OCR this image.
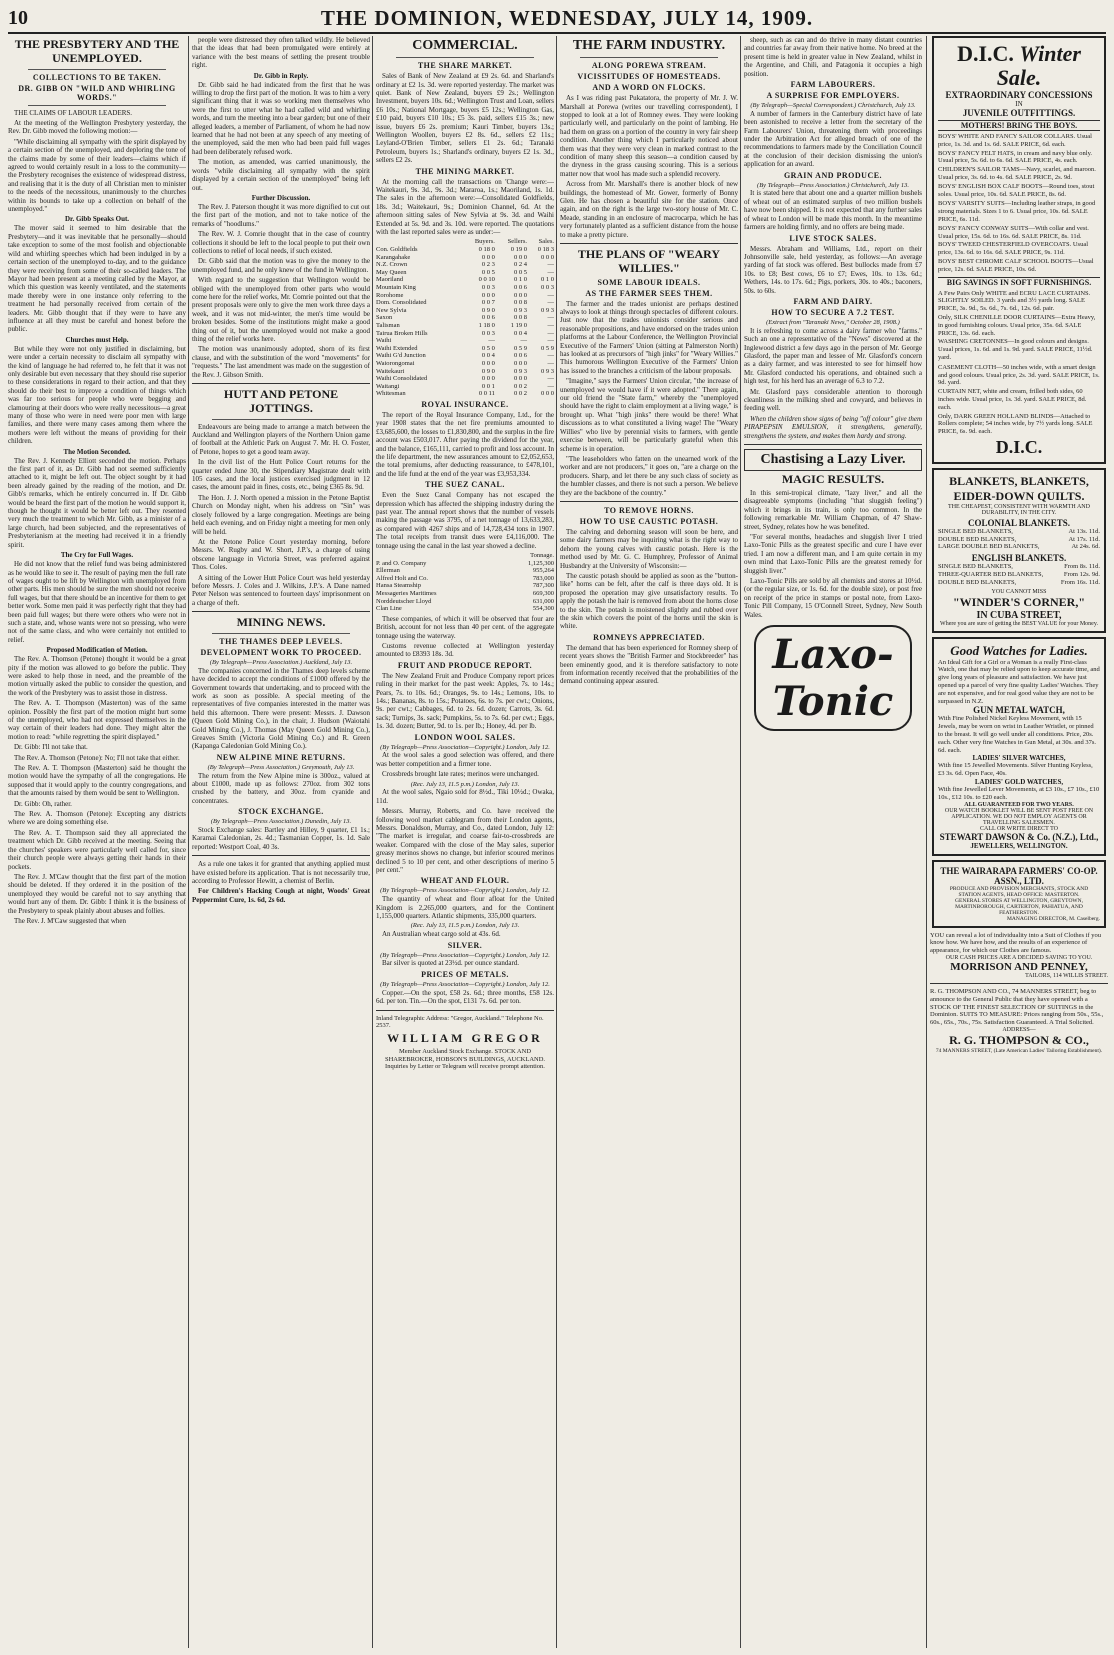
10	THE DOMINION, WEDNESDAY, JULY 14, 1909.
THE PRESBYTERY AND THE UNEMPLOYED.
COLLECTIONS TO BE TAKEN.
DR. GIBB ON "WILD AND WHIRLING WORDS."

THE CLAIMS OF LABOUR LEADERS.

At the meeting of the Wellington Presbytery yesterday, the Rev. Dr. Gibb moved the following motion:—

"While disclaiming all sympathy with the spirit displayed by a certain section of the unemployed, and deploring the tone of the claims made by some of their leaders—claims which if agreed to would certainly result in a loss to the community—the Presbytery recognises the existence of widespread distress, and realising that it is the duty of all Christian men to minister to the needs of the necessitous, unanimously to the churches within its bounds to take up a collection on behalf of the unemployed."

Dr. Gibb Speaks Out.

The mover said it seemed to him desirable that the Presbytery—and it was inevitable that he personally—should take exception to some of the most foolish and objectionable wild and whirling speeches which had been indulged in by a certain section of the unemployed to-day, and to the guidance they were receiving from some of their so-called leaders. The Mayor had been present at a meeting called by the Mayor, at which this question was keenly ventilated, and the statements made thereby were in one instance only referring to the treatment he had personally received from certain of the leaders. Mr. Gibb thought that if they were to have any influence at all they must be careful and honest before the public.

Churches must Help.

But while they were not only justified in disclaiming, but were under a certain necessity to disclaim all sympathy with the kind of language he had referred to, he felt that it was not only desirable but even necessary that they should rise superior to these considerations in regard to their action, and that they should do their best to improve a condition of things which was far too serious for people who were begging and clamouring at their doors who were really necessitous—a great many of those who were in need were poor men with large families, and there were many cases among them where the mothers were left without the means of providing for their children.

The Motion Seconded.

The Rev. J. Kennedy Elliott seconded the motion. Perhaps the first part of it, as Dr. Gibb had not seemed sufficiently attached to it, might be left out. The object sought by it had been already gained by the reading of the motion, and Dr. Gibb's remarks, which he entirely concurred in. If Dr. Gibb would be heard the first part of the motion he would support it, though he thought it would be better left out. They resented very much the treatment to which Mr. Gibb, as a minister of a large church, had been subjected, and the representatives of Presbyterianism at the meeting had received it in a friendly spirit.

The Cry for Full Wages.

He did not know that the relief fund was being administered as he would like to see it. The result of paying men the full rate of wages ought to be lift by Wellington with unemployed from other parts. His men should be sure the men should not receive full wages, but that there should be an incentive for them to get better work. Some men paid it was perfectly right that they had been paid full wages; but there were others who were not in such a state, and, whose wants were not so pressing, who were not of the same class, and who were certainly not entitled to relief.

Proposed Modification of Motion.

The Rev. A. Thomson (Petone) thought it would be a great pity if the motion was allowed to go before the public. They were asked to help those in need, and the preamble of the motion virtually asked the public to consider the question, and the work of the Presbytery was to assist those in distress.

The Rev. A. T. Thompson (Masterton) was of the same opinion. Possibly the first part of the motion might hurt some of the unemployed, who had not expressed themselves in the way certain of their leaders had done. They might alter the motion to read: "while regretting the spirit displayed."

Dr. Gibb: I'll not take that.

The Rev. A. Thomson (Petone): No; I'll not take that either.

The Rev. A. T. Thompson (Masterton) said he thought the motion would have the sympathy of all the congregations. He supposed that it would apply to the country congregations, and that the amounts raised by them would be sent to Wellington.

Dr. Gibb: Oh, rather.

The Rev. A. Thomson (Petone): Excepting any districts where we are doing something else.

The Rev. A. T. Thompson said they all appreciated the treatment which Dr. Gibb received at the meeting. Seeing that the churches' speakers were particularly well called for, since their church people were always getting their hands in their pockets.

The Rev. J. M'Caw thought that the first part of the motion should be deleted. If they ordered it in the position of the unemployed they would be careful not to say anything that would hurt any of them. Dr. Gibb: I think it is the business of the Presbytery to speak plainly about abuses and follies.

The Rev. J. M'Caw suggested that when

people were distressed they often talked wildly. He believed that the ideas that had been promulgated were entirely at variance with the best means of settling the present trouble right.

Dr. Gibb in Reply.

Dr. Gibb said he had indicated from the first that he was willing to drop the first part of the motion. It was to him a very significant thing that it was so working men themselves who were the first to utter what he had called wild and whirling words, and turn the meeting into a bear garden; but one of their alleged leaders, a member of Parliament, of whom he had now learned that he had not been at any speech of any meeting of the unemployed, said the men who had been paid full wages had been deliberately refused work.

The motion, as amended, was carried unanimously, the words "while disclaiming all sympathy with the spirit displayed by a certain section of the unemployed" being left out.

Further Discussion.

The Rev. J. Paterson thought it was more dignified to cut out the first part of the motion, and not to take notice of the remarks of "hoodlums."

The Rev. W. J. Comrie thought that in the case of country collections it should be left to the local people to put their own collections to relief of local needs, if such existed.

Dr. Gibb said that the motion was to give the money to the unemployed fund, and he only knew of the fund in Wellington.

With regard to the suggestion that Wellington would be obliged with the unemployed from other parts who would come here for the relief works, Mr. Comrie pointed out that the present proposals were only to give the men work three days a week, and it was not mid-winter, the men's time would be broken besides. Some of the institutions might make a good thing out of it, but the unemployed would not make a good thing of the relief works here.

The motion was unanimously adopted, shorn of its first clause, and with the substitution of the word "movements" for "requests." The last amendment was made on the suggestion of the Rev. J. Gibson Smith.

HUTT AND PETONE JOTTINGS.

Endeavours are being made to arrange a match between the Auckland and Wellington players of the Northern Union game of football at the Athletic Park on August 7. Mr. H. O. Foster, of Petone, hopes to get a good team away.

In the civil list of the Hutt Police Court returns for the quarter ended June 30, the Stipendiary Magistrate dealt with 105 cases, and the local justices exercised judgment in 12 cases, the amount paid in fines, costs, etc., being £365 8s. 9d.

The Hon. J. J. North opened a mission in the Petone Baptist Church on Monday night, when his address on "Sin" was closely followed by a large congregation. Meetings are being held each evening, and on Friday night a meeting for men only will be held.

At the Petone Police Court yesterday morning, before Messrs. W. Rugby and W. Short, J.P.'s, a charge of using obscene language in Victoria Street, was preferred against Thos. Coles.

A sitting of the Lower Hutt Police Court was held yesterday before Messrs. J. Coles and J. Wilkins, J.P.'s. A Dane named Peter Nelson was sentenced to fourteen days' imprisonment on a charge of theft.

MINING NEWS.
THE THAMES DEEP LEVELS.
DEVELOPMENT WORK TO PROCEED.
(By Telegraph—Press Association.) Auckland, July 13.

The companies concerned in the Thames deep levels scheme have decided to accept the conditions of £1000 offered by the Government towards that undertaking, and to proceed with the work as soon as possible. A special meeting of the representatives of five companies interested in the matter was held this afternoon. There were present: Messrs. J. Dawson (Queen Gold Mining Co.), in the chair, J. Hudson (Waiotahi Gold Mining Co.), J. Thomas (May Queen Gold Mining Co.), Greaves Smith (Victoria Gold Mining Co.) and R. Green (Kapanga Caledonian Gold Mining Co.).

NEW ALPINE MINE RETURNS.
(By Telegraph—Press Association.) Greymouth, July 13.

The return from the New Alpine mine is 300oz., valued at about £1000, made up as follows: 270oz. from 302 tons crushed by the battery, and 30oz. from cyanide and concentrates.

STOCK EXCHANGE.
(By Telegraph—Press Association.) Dunedin, July 13.

Stock Exchange sales: Bartley and Hilley, 9 quarter, £1 1s.; Karamai Caledonian, 2s. 4d.; Tasmanian Copper, 1s. 1d. Sale reported: Westport Coal, 40 3s.

As a rule one takes it for granted that anything applied must have existed before its application. That is not necessarily true, according to Professor Hewitt, a chemist of Berlin.

For Children's Hacking Cough at night, Woods' Great Peppermint Cure, 1s. 6d, 2s 6d.

COMMERCIAL.
THE SHARE MARKET.

Sales of Bank of New Zealand at £9 2s. 6d. and Sharland's ordinary at £2 1s. 3d. were reported yesterday. The market was quiet. Bank of New Zealand, buyers £9 2s.; Wellington Investment, buyers 10s. 6d.; Wellington Trust and Loan, sellers £6 10s.; National Mortgage, buyers £5 12s.; Wellington Gas, £10 paid, buyers £10 10s.; £5 3s. paid, sellers £15 3s.; new issue, buyers £6 2s. premium; Kauri Timber, buyers 13s.; Wellington Woollen, buyers £2 8s. 6d., sellers £2 11s.; Leyland-O'Brien Timber, sellers £1 2s. 6d.; Taranaki Petroleum, buyers 1s.; Sharland's ordinary, buyers £2 1s. 3d., sellers £2 2s.

THE MINING MARKET.

At the morning call the transactions on 'Change were:—Waitekauri, 9s. 3d., 9s. 3d.; Mararoa, 1s.; Maoriland, 1s. 1d. The sales in the afternoon were:—Consolidated Goldfields, 18s. 3d.; Waitekauri, 9s.; Dominion Channel, 6d. At the afternoon sitting sales of New Sylvia at 9s. 3d. and Waihi Extended at 5s. 9d. and 3s. 10d. were reported. The quotations with the last reported sales were as under:—

	Buyers.	Sellers.	Sales.
Con. Goldfields	0 18 0	0 19 0	0 18 3
Karangahake	0 0 0	0 0 0	0 0 0
N.Z. Crown	0 2 3	0 2 4	—
May Queen	0 0 5	0 0 5	—
Maoriland	0 0 10	0 1 0	0 1 0
Mountain King	0 0 3	0 0 6	0 0 3
Rorohome	0 0 0	0 0 0	—
Dom. Consolidated	0 0 7	0 0 8	—
New Sylvia	0 9 0	0 9 3	0 9 3
Saxon	0 0 6	0 0 8	—
Talisman	1 18 0	1 19 0	—
Tairua Broken Hills	0 0 3	0 0 4	—
Waihi	—	—	—
Waihi Extended	0 5 0	0 5 9	0 5 9
Waihi G'd Junction	0 0 4	0 0 6	—
Waiorongomai	0 0 0	0 0 0	—
Waitekauri	0 9 0	0 9 3	0 9 3
Waihi Consolidated	0 0 0	0 0 0	—
Waitangi	0 0 1	0 0 2	—
Whitesman	0 0 11	0 0 2	0 0 0
ROYAL INSURANCE.

The report of the Royal Insurance Company, Ltd., for the year 1908 states that the net fire premiums amounted to £3,685,600, the losses to £1,830,800, and the surplus in the fire account was £503,017. After paying the dividend for the year, and the balance, £165,111, carried to profit and loss account. In the life department, the new assurances amount to £2,052,653, the total premiums, after deducting reassurance, to £478,101, and the life fund at the end of the year was £3,953,334.

THE SUEZ CANAL.

Even the Suez Canal Company has not escaped the depression which has affected the shipping industry during the past year. The annual report shows that the number of vessels making the passage was 3795, of a net tonnage of 13,633,283, as compared with 4267 ships and of 14,728,434 tons in 1907. The total receipts from transit dues were £4,116,000. The tonnage using the canal in the last year showed a decline.

	Tonnage.
P. and O. Company	1,125,300
Ellerman	955,264
Alfred Holt and Co.	783,000
Hansa Steamship	787,300
Messageries Maritimes	669,300
Norddeutscher Lloyd	631,000
Clan Line	554,300

These companies, of which it will be observed that four are British, account for not less than 40 per cent. of the aggregate tonnage using the waterway.

Customs revenue collected at Wellington yesterday amounted to £8393 18s. 3d.

FRUIT AND PRODUCE REPORT.

The New Zealand Fruit and Produce Company report prices ruling in their market for the past week: Apples, 7s. to 14s.; Pears, 7s. to 10s. 6d.; Oranges, 9s. to 14s.; Lemons, 10s. to 14s.; Bananas, 8s. to 15s.; Potatoes, 6s. to 7s. per cwt.; Onions, 9s. per cwt.; Cabbages, 6d. to 2s. 6d. dozen; Carrots, 3s. 6d. sack; Turnips, 3s. sack; Pumpkins, 5s. to 7s. 6d. per cwt.; Eggs, 1s. 3d. dozen; Butter, 9d. to 1s. per lb.; Honey, 4d. per lb.

LONDON WOOL SALES.
(By Telegraph—Press Association—Copyright.) London, July 12.

At the wool sales a good selection was offered, and there was better competition and a firmer tone.

Crossbreds brought late rates; merinos were unchanged.

(Rec. July 13, 11.5 p.m.) London, July 13.

At the wool sales, Ngaio sold for 8½d., Tiki 10½d.; Owaka, 11d.

Messrs. Murray, Roberts, and Co. have received the following wool market cablegram from their London agents, Messrs. Donaldson, Murray, and Co., dated London, July 12: "The market is irregular, and coarse fair-to-crossbreds are weaker. Compared with the close of the May sales, superior greasy merinos shows no change, but inferior scoured merinos declined 5 to 10 per cent, and other descriptions of merino 5 per cent."

WHEAT AND FLOUR.
(By Telegraph—Press Association—Copyright.) London, July 12.

The quantity of wheat and flour afloat for the United Kingdom is 2,265,000 quarters, and for the Continent 1,155,000 quarters. Atlantic shipments, 335,000 quarters.

(Rec. July 13, 11.5 p.m.) London, July 13.

An Australian wheat cargo sold at 43s. 6d.

SILVER.
(By Telegraph—Press Association—Copyright.) London, July 12.

Bar silver is quoted at 23½d. per ounce standard.

PRICES OF METALS.
(By Telegraph—Press Association—Copyright.) London, July 12.

Copper.—On the spot, £58 2s. 6d.; three months, £58 12s. 6d. per ton. Tin.—On the spot, £131 7s. 6d. per ton.

Inland Telegraphic Address: "Gregor, Auckland." Telephone No. 2537.
WILLIAM GREGOR
Member Auckland Stock Exchange. STOCK AND SHAREBROKER, HOBSON'S BUILDINGS, AUCKLAND.
Inquiries by Letter or Telegram will receive prompt attention.
THE FARM INDUSTRY.
ALONG POREWA STREAM.
VICISSITUDES OF HOMESTEADS.
AND A WORD ON FLOCKS.

As I was riding past Pukatatora, the property of Mr. J. W. Marshall at Porewa (writes our travelling correspondent), I stopped to look at a lot of Romney ewes. They were looking particularly well, and particularly on the point of lambing. He had them on grass on a portion of the country in very fair sheep condition. Another thing which I particularly noticed about them was that they were very clean in marked contrast to the condition of many sheep this season—a condition caused by the dryness in the grass causing scouring. This is a serious matter now that wool has made such a splendid recovery.

Across from Mr. Marshall's there is another block of new buildings, the homestead of Mr. Gower, formerly of Bonny Glen. He has chosen a beautiful site for the station. Once again, and on the right is the large two-story house of Mr. C. Meade, standing in an enclosure of macrocarpa, which he has very fortunately planted as a sufficient distance from the house to make a pretty picture.

THE PLANS OF "WEARY WILLIES."
SOME LABOUR IDEALS.
AS THE FARMER SEES THEM.

The farmer and the trades unionist are perhaps destined always to look at things through spectacles of different colours. Just now that the trades unionists consider serious and reasonable propositions, and have endorsed on the trades union platforms at the Labour Conference, the Wellington Provincial Executive of the Farmers' Union (sitting at Palmerston North) has looked at as precursors of "high jinks" for "Weary Willies." This humorous Wellington Executive of the Farmers' Union has issued to the branches a criticism of the labour proposals.

"Imagine," says the Farmers' Union circular, "the increase of unemployed we would have if it were adopted." There again, our old friend the "State farm," whereby the "unemployed should have the right to claim employment at a living wage," is brought up. What "high jinks" there would be there! What discussions as to what constituted a living wage! The "Weary Willies" who live by perennial visits to farmers, with gentle exercise between, will be particularly grateful when this scheme is in operation.

"The leaseholders who fatten on the unearned work of the worker and are not producers," it goes on, "are a charge on the producers. Sharp, and let there be any such class of society as the humbler classes, and there is not such a person. We believe they are the backbone of the country."

TO REMOVE HORNS.
HOW TO USE CAUSTIC POTASH.

The calving and dehorning season will soon be here, and some dairy farmers may be inquiring what is the right way to dehorn the young calves with caustic potash. Here is the method used by Mr. G. C. Humphrey, Professor of Animal Husbandry at the University of Wisconsin:—

The caustic potash should be applied as soon as the "button-like" horns can be felt, after the calf is three days old. It is proposed the operation may give unsatisfactory results. To apply the potash the hair is removed from about the horns close to the skin. The potash is moistened slightly and rubbed over the skin which covers the point of the horns until the skin is white.

ROMNEYS APPRECIATED.

The demand that has been experienced for Romney sheep of recent years shows the "British Farmer and Stockbreeder" has been eminently good, and it is therefore satisfactory to note from information recently received that the probabilities of the demand continuing appear assured.

sheep, such as can and do thrive in many distant countries and countries far away from their native home. No breed at the present time is held in greater value in New Zealand, whilst in the Argentine, and Chili, and Patagonia it occupies a high position.

FARM LABOURERS.
A SURPRISE FOR EMPLOYERS.
(By Telegraph—Special Correspondent.) Christchurch, July 13.

A number of farmers in the Canterbury district have of late been astonished to receive a letter from the secretary of the Farm Labourers' Union, threatening them with proceedings under the Arbitration Act for alleged breach of one of the recommendations to farmers made by the Conciliation Council at the conclusion of their decision dismissing the union's application for an award.

GRAIN AND PRODUCE.
(By Telegraph—Press Association.) Christchurch, July 13.

It is stated here that about one and a quarter million bushels of wheat out of an estimated surplus of two million bushels have now been shipped. It is not expected that any further sales of wheat to London will be made this month. In the meantime farmers are holding firmly, and no offers are being made.

LIVE STOCK SALES.

Messrs. Abraham and Williams, Ltd., report on their Johnsonville sale, held yesterday, as follows:—An average yarding of fat stock was offered. Best bullocks made from £7 10s. to £8; Best cows, £6 to £7; Ewes, 10s. to 13s. 6d.; Wethers, 14s. to 17s. 6d.; Pigs, porkers, 30s. to 40s.; baconers, 50s. to 60s.

FARM AND DAIRY.
HOW TO SECURE A 7.2 TEST.
(Extract from "Taranaki News," October 28, 1908.)

It is refreshing to come across a dairy farmer who "farms." Such an one a representative of the "News" discovered at the Inglewood district a few days ago in the person of Mr. George Glasford, the paper man and lessee of Mr. Glasford's concern as a dairy farmer, and was interested to see for himself how Mr. Glasford conducted his operations, and obtained such a high test, for his herd has an average of 6.3 to 7.2.

Mr. Glasford pays considerable attention to thorough cleanliness in the milking shed and cowyard, and believes in feeding well.

When the children show signs of being "off colour" give them PIRAPEPSIN EMULSION, it strengthens, generally, strengthens the system, and makes them hardy and strong.

Chastising a Lazy Liver.
MAGIC RESULTS.

In this semi-tropical climate, "lazy liver," and all the disagreeable symptoms (including "that sluggish feeling") which it brings in its train, is only too common. In the following remarkable Mr. William Chapman, of 47 Shaw-street, Sydney, relates how he was benefited.

"For several months, headaches and sluggish liver I tried Laxo-Tonic Pills as the greatest specific and cure I have ever tried. I am now a different man, and I am quite certain in my own mind that Laxo-Tonic Pills are the greatest remedy for sluggish liver."

Laxo-Tonic Pills are sold by all chemists and stores at 10½d. (or the regular size, or 1s. 6d. for the double size), or post free on receipt of the price in stamps or postal note, from Laxo-Tonic Pill Company, 15 O'Connell Street, Sydney, New South Wales.

Laxo-Tonic
D.I.C. Winter Sale.
EXTRAORDINARY CONCESSIONS
IN
JUVENILE OUTFITTINGS.
MOTHERS! BRING THE BOYS.
BOYS' WHITE AND FANCY SAILOR COLLARS. Usual price, 1s. 3d. and 1s. 6d. SALE PRICE, 6d. each.
BOYS' FANCY FELT HATS, in cream and navy blue only. Usual price, 5s. 6d. to 6s. 6d. SALE PRICE, 4s. each.
CHILDREN'S SAILOR TAMS—Navy, scarlet, and maroon. Usual price, 3s. 6d. to 4s. 6d. SALE PRICE, 2s. 9d.
BOYS' ENGLISH BOX CALF BOOTS—Round toes, stout soles. Usual price, 10s. 6d. SALE PRICE, 8s. 6d.
BOYS' VARSITY SUITS—Including leather straps, in good strong materials. Sizes 1 to 6. Usual price, 10s. 6d. SALE PRICE, 6s. 11d.
BOYS' FANCY CONWAY SUITS—With collar and vest. Usual price, 15s. 6d. to 16s. 6d. SALE PRICE, 8s. 11d.
BOYS' TWEED CHESTERFIELD OVERCOATS. Usual price, 13s. 6d. to 16s. 6d. SALE PRICE, 9s. 11d.
BOYS' BEST CHROME CALF SCHOOL BOOTS—Usual price, 12s. 6d. SALE PRICE, 10s. 6d.
BIG SAVINGS IN SOFT FURNISHINGS.
A Few Pairs Only WHITE and ECRU LACE CURTAINS. SLIGHTLY SOILED. 3 yards and 3½ yards long. SALE PRICE, 3s. 9d., 5s. 6d., 7s. 6d., 12s. 6d. pair.
Only, SILK CHENILLE DOOR CURTAINS—Extra Heavy, in good furnishing colours. Usual price, 35s. 6d. SALE PRICE, 13s. 6d. each.
WASHING CRETONNES—In good colours and designs. Usual prices, 1s. 6d. and 1s. 9d. yard. SALE PRICE, 11½d. yard.
CASEMENT CLOTH—50 inches wide, with a smart design and good colours. Usual price, 2s. 3d. yard. SALE PRICE, 1s. 9d. yard.
CURTAIN NET, white and cream, frilled both sides, 60 inches wide. Usual price, 1s. 3d. yard. SALE PRICE, 8d. each.
Only, DARK GREEN HOLLAND BLINDS—Attached to Rollers complete; 54 inches wide, by 7½ yards long. SALE PRICE, 6s. 9d. each.
D.I.C.
BLANKETS, BLANKETS,
EIDER-DOWN QUILTS.
THE CHEAPEST, CONSISTENT WITH WARMTH AND DURABILITY, IN THE CITY.
COLONIAL BLANKETS.
SINGLE BED BLANKETS,	At 13s. 11d.
DOUBLE BED BLANKETS,	At 17s. 11d.
LARGE DOUBLE BED BLANKETS,	At 24s. 6d.
ENGLISH BLANKETS.
SINGLE BED BLANKETS,	From 8s. 11d.
THREE-QUARTER BED BLANKETS,	From 12s. 9d.
DOUBLE BED BLANKETS,	From 16s. 11d.
YOU CANNOT MISS
"WINDER'S CORNER,"
IN CUBA STREET,
Where you are sure of getting the BEST VALUE for your Money.
Good Watches for Ladies.
An Ideal Gift for a Girl or a Woman is a really First-class Watch, one that may be relied upon to keep accurate time, and give long years of pleasure and satisfaction. We have just opened up a parcel of very fine quality Ladies' Watches. They are not expensive, and for real good value they are not to be surpassed in N.Z.
GUN METAL WATCH,
With Fine Polished Nickel Keyless Movement, with 15 Jewels, may be worn on wrist in Leather Wristlet, or pinned to the breast. It will go well under all conditions. Price, 20s. each. Other very fine Watches in Gun Metal, at 30s. and 37s. 6d. each.
LADIES' SILVER WATCHES,
With fine 15 Jewelled Movements. Silver Hunting Keyless, £3 3s. 6d. Open Face, 40s.
LADIES' GOLD WATCHES,
With fine Jewelled Lever Movements, at £3 10s., £7 10s., £10 10s., £12 10s. to £20 each.
ALL GUARANTEED FOR TWO YEARS.
OUR WATCH BOOKLET WILL BE SENT POST FREE ON APPLICATION. WE DO NOT EMPLOY AGENTS OR TRAVELLING SALESMEN.
CALL OR WRITE DIRECT TO
STEWART DAWSON & Co. (N.Z.), Ltd.,
JEWELLERS, WELLINGTON.
THE WAIRARAPA FARMERS' CO-OP. ASSN., LTD.
PRODUCE AND PROVISION MERCHANTS, STOCK AND STATION AGENTS, HEAD OFFICE: MASTERTON.
GENERAL STORES AT WELLINGTON, GREYTOWN, MARTINBOROUGH, CARTERTON, PAHIATUA, AND FEATHERSTON.
MANAGING DIRECTOR, M. Caselberg.
YOU can reveal a lot of individuality into a Suit of Clothes if you know how. We have how, and the results of an experience of appearance, for which our Clothes are famous.
OUR CASH PRICES ARE A DECIDED SAVING TO YOU.
MORRISON AND PENNEY,
TAILORS, 114 WILLIS STREET.
R. G. THOMPSON AND CO., 74 MANNERS STREET, beg to announce to the General Public that they have opened with a STOCK OF THE FINEST SELECTION OF SUITINGS in the Dominion. SUITS TO MEASURE: Prices ranging from 50s., 55s., 60s., 65s., 70s., 75s. Satisfaction Guaranteed. A Trial Solicited.
ADDRESS—
R. G. THOMPSON & CO.,
74 MANNERS STREET, (Late American Ladies' Tailoring Establishment).
